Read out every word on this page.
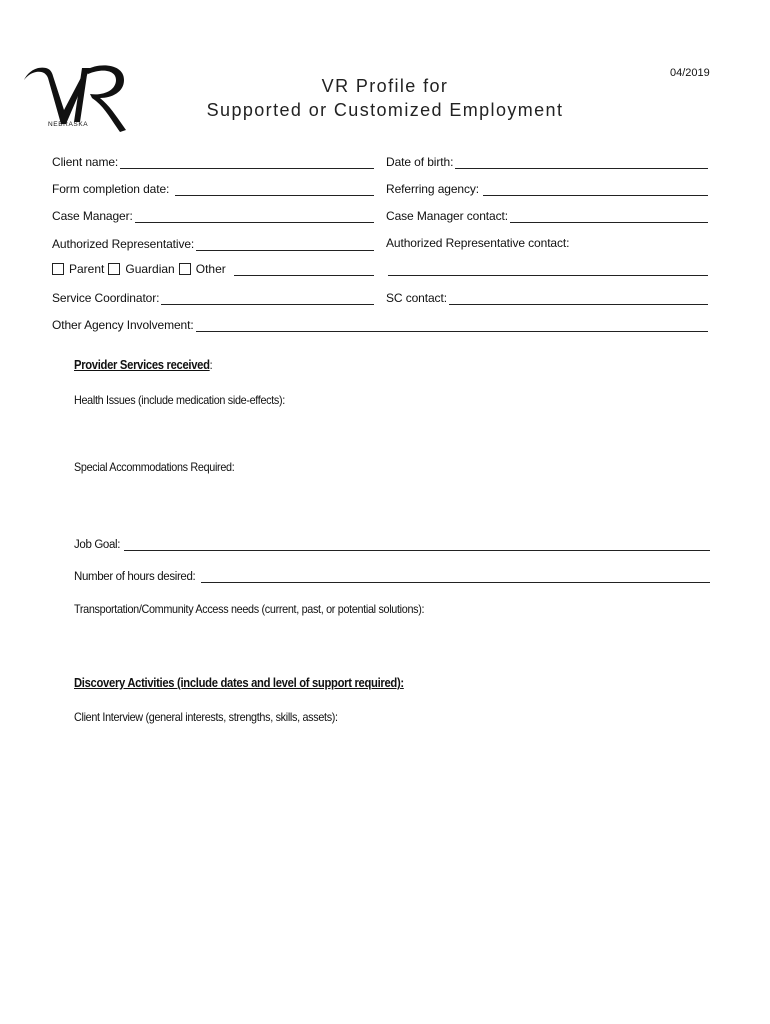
NEBRASKA
04/2019
VR Profile for
Supported or Customized Employment
Client name:	Date of birth:
Form completion date:	Referring agency:
Case Manager:	Case Manager contact:
Authorized Representative:	Authorized Representative contact:
Parent Guardian Other
Service Coordinator:	SC contact:
Other Agency Involvement:
Provider Services received:
Health Issues (include medication side-effects):
Special Accommodations Required:
Job Goal:
Number of hours desired:
Transportation/Community Access needs (current, past, or potential solutions):
Discovery Activities (include dates and level of support required):
Client Interview (general interests, strengths, skills, assets):
